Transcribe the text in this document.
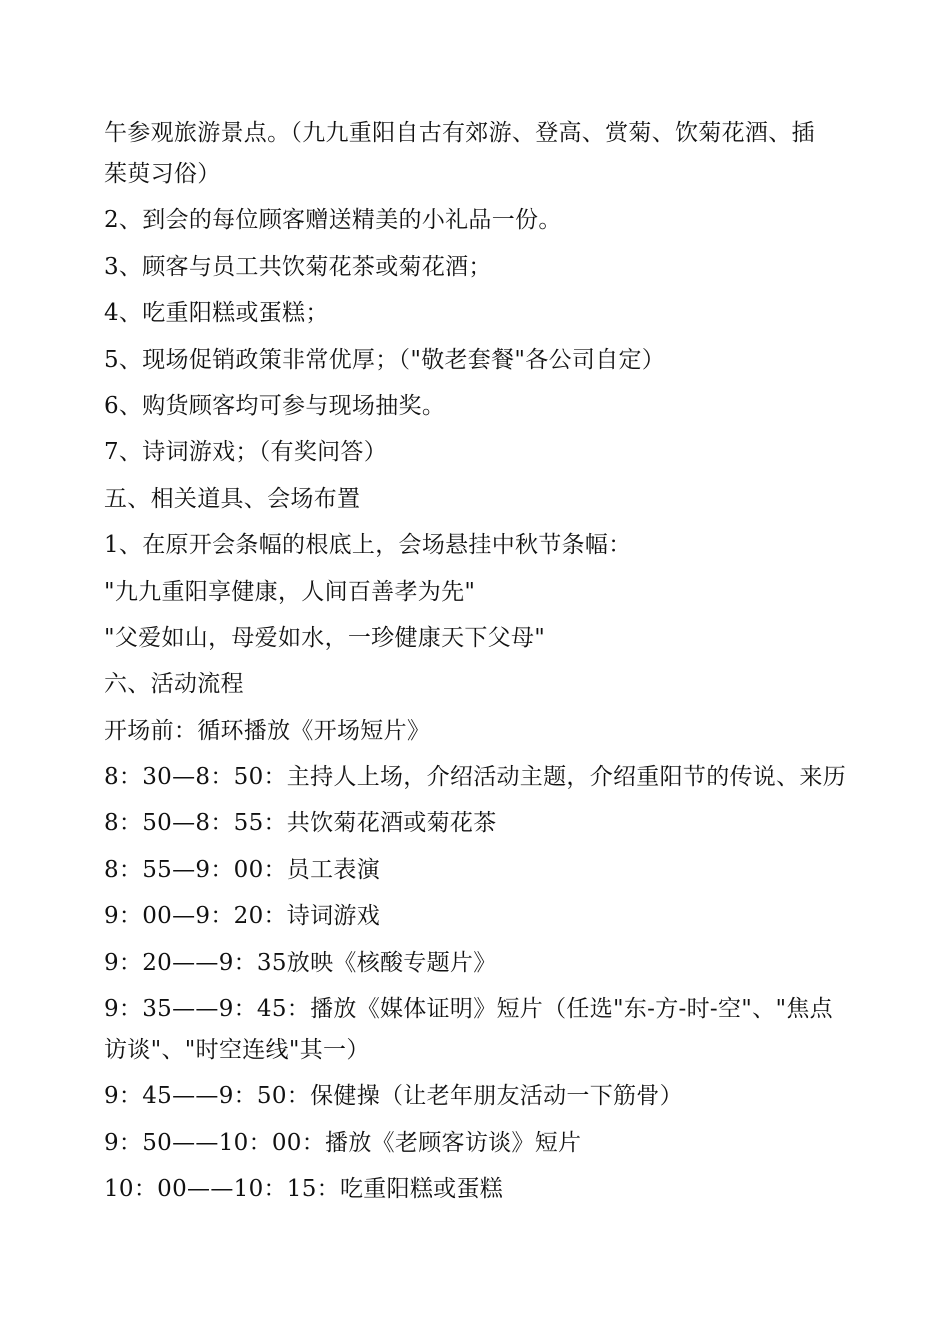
午参观旅游景点。（九九重阳自古有郊游、登高、赏菊、饮菊花酒、插
茱萸习俗）
2、到会的每位顾客赠送精美的小礼品一份。
3、顾客与员工共饮菊花茶或菊花酒；
4、吃重阳糕或蛋糕；
5、现场促销政策非常优厚；（"敬老套餐"各公司自定）
6、购货顾客均可参与现场抽奖。
7、诗词游戏；（有奖问答）
五、相关道具、会场布置
1、在原开会条幅的根底上，会场悬挂中秋节条幅：
"九九重阳享健康，人间百善孝为先"
"父爱如山，母爱如水，一珍健康天下父母"
六、活动流程
开场前：循环播放《开场短片》
8：30—8：50：主持人上场，介绍活动主题，介绍重阳节的传说、来历
8：50—8：55：共饮菊花酒或菊花茶
8：55—9：00：员工表演
9：00—9：20：诗词游戏
9：20——9：35放映《核酸专题片》
9：35——9：45：播放《媒体证明》短片（任选"东-方-时-空"、"焦点
访谈"、"时空连线"其一）
9：45——9：50：保健操（让老年朋友活动一下筋骨）
9：50——10：00：播放《老顾客访谈》短片
10：00——10：15：吃重阳糕或蛋糕
